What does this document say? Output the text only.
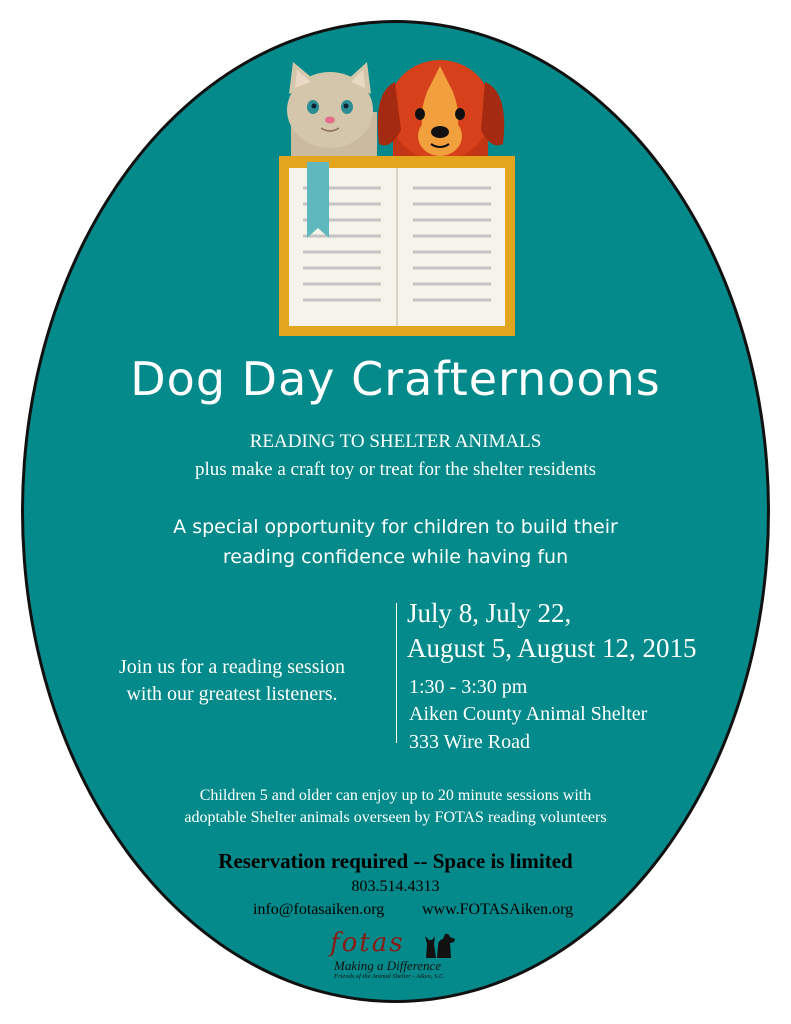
Dog Day Crafternoons
READING TO SHELTER ANIMALS
plus make a craft toy or treat for the shelter residents
A special opportunity for children to build their
reading confidence while having fun
Join us for a reading session
with our greatest listeners.
July 8, July 22,
August 5, August 12, 2015
1:30 - 3:30 pm
Aiken County Animal Shelter
333 Wire Road
Children 5 and older can enjoy up to 20 minute sessions with
adoptable Shelter animals overseen by FOTAS reading volunteers
Reservation required -- Space is limited
803.514.4313
info@fotasaiken.org www.FOTASAiken.org
fotas
Making a Difference
Friends of the Animal Shelter - Aiken, S.C.
